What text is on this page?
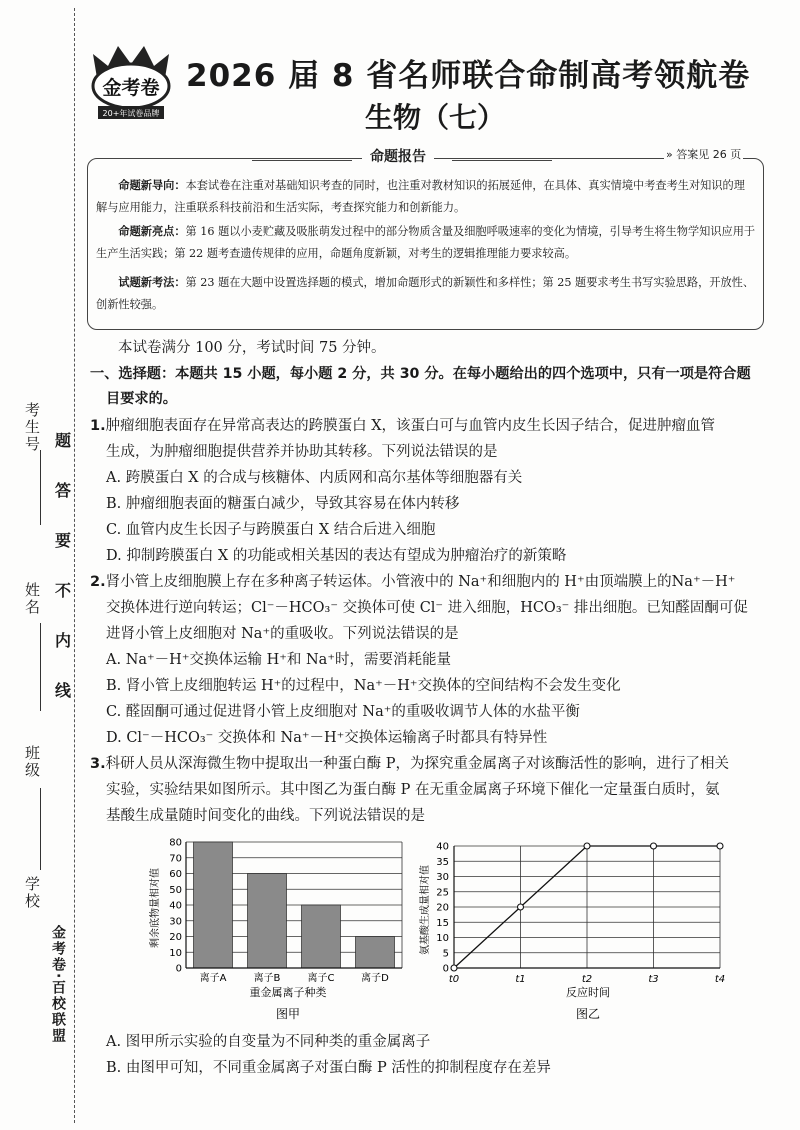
考生号
姓名
班级
学校
金考卷·百校联盟
题
答
要
不
内
线
金考卷
20+年试卷品牌
2026 届 8 省名师联合命制高考领航卷
生物（七）
命题报告	» 答案见 26 页
命题新导向：本套试卷在注重对基础知识考查的同时，也注重对教材知识的拓展延伸，在具体、真实情境中考查考生对知识的理解与应用能力，注重联系科技前沿和生活实际，考查探究能力和创新能力。
命题新亮点：第 16 题以小麦贮藏及吸胀萌发过程中的部分物质含量及细胞呼吸速率的变化为情境，引导考生将生物学知识应用于生产生活实践；第 22 题考查遗传规律的应用，命题角度新颖，对考生的逻辑推理能力要求较高。
试题新考法：第 23 题在大题中设置选择题的模式，增加命题形式的新颖性和多样性；第 25 题要求考生书写实验思路，开放性、创新性较强。
本试卷满分 100 分，考试时间 75 分钟。
一、选择题：本题共 15 小题，每小题 2 分，共 30 分。在每小题给出的四个选项中，只有一项是符合题
目要求的。
1.肿瘤细胞表面存在异常高表达的跨膜蛋白 X，该蛋白可与血管内皮生长因子结合，促进肿瘤血管
生成，为肿瘤细胞提供营养并协助其转移。下列说法错误的是
A. 跨膜蛋白 X 的合成与核糖体、内质网和高尔基体等细胞器有关
B. 肿瘤细胞表面的糖蛋白减少，导致其容易在体内转移
C. 血管内皮生长因子与跨膜蛋白 X 结合后进入细胞
D. 抑制跨膜蛋白 X 的功能或相关基因的表达有望成为肿瘤治疗的新策略
2.肾小管上皮细胞膜上存在多种离子转运体。小管液中的 Na⁺和细胞内的 H⁺由顶端膜上的Na⁺－H⁺
交换体进行逆向转运；Cl⁻－HCO₃⁻ 交换体可使 Cl⁻ 进入细胞，HCO₃⁻ 排出细胞。已知醛固酮可促
进肾小管上皮细胞对 Na⁺的重吸收。下列说法错误的是
A. Na⁺－H⁺交换体运输 H⁺和 Na⁺时，需要消耗能量
B. 肾小管上皮细胞转运 H⁺的过程中，Na⁺－H⁺交换体的空间结构不会发生变化
C. 醛固酮可通过促进肾小管上皮细胞对 Na⁺的重吸收调节人体的水盐平衡
D. Cl⁻－HCO₃⁻ 交换体和 Na⁺－H⁺交换体运输离子时都具有特异性
3.科研人员从深海微生物中提取出一种蛋白酶 P，为探究重金属离子对该酶活性的影响，进行了相关
实验，实验结果如图所示。其中图乙为蛋白酶 P 在无重金属离子环境下催化一定量蛋白质时，氨
基酸生成量随时间变化的曲线。下列说法错误的是
剩余底物量相对值
重金属离子种类
图甲
0
10
20
30
40
50
60
70
80
离子A	离子B	离子C	离子D
氨基酸生成量相对值
反应时间
图乙
0
5
10
15
20
25
30
35
40
t0	t1	t2	t3	t4
A. 图甲所示实验的自变量为不同种类的重金属离子
B. 由图甲可知，不同重金属离子对蛋白酶 P 活性的抑制程度存在差异
